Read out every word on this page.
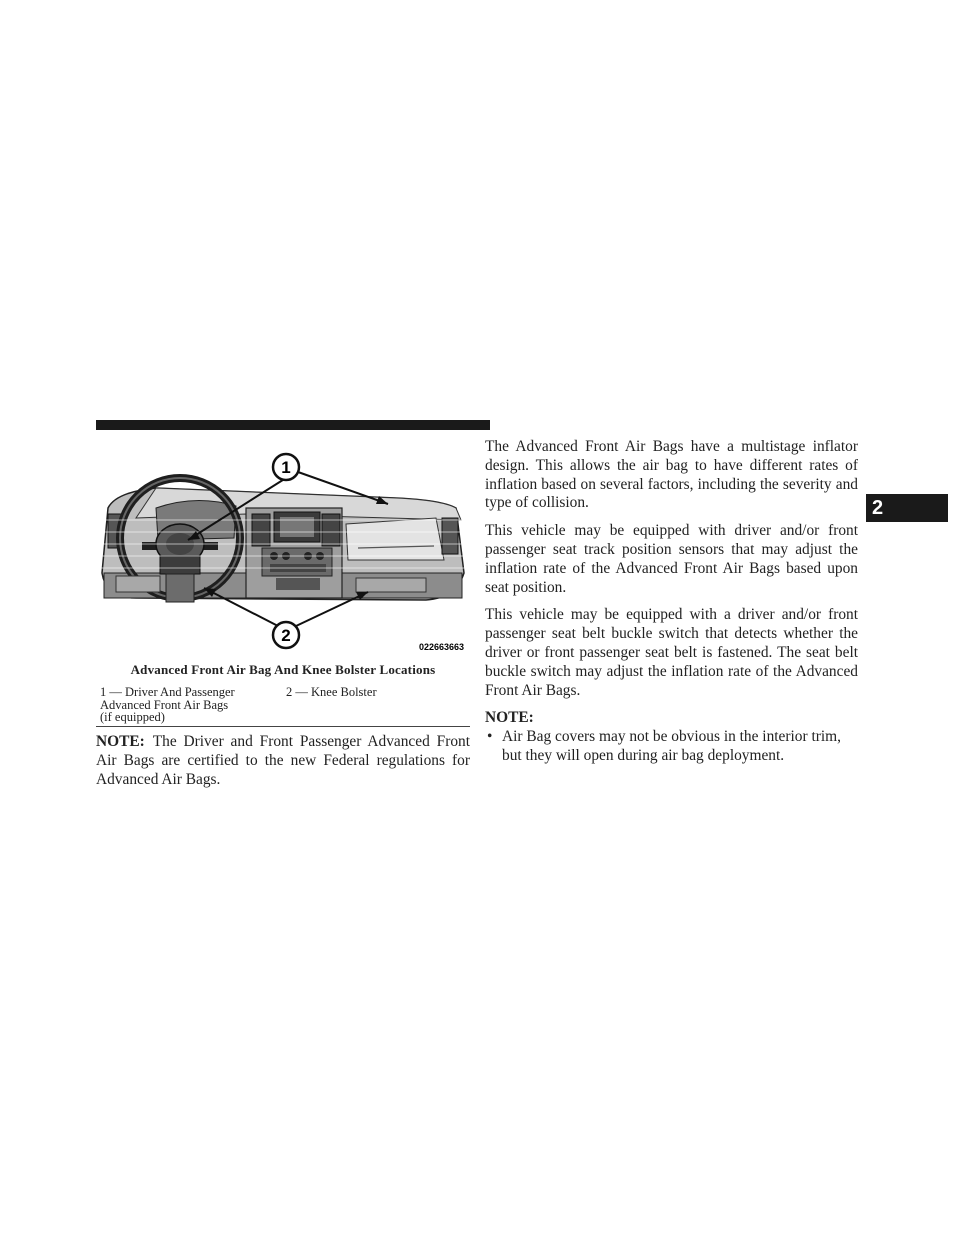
1
2
022663663
Advanced Front Air Bag And Knee Bolster Locations
1 — Driver And Passenger
Advanced Front Air Bags
(if equipped)
2 — Knee Bolster
NOTE: The Driver and Front Passenger Advanced Front Air Bags are certified to the new Federal regulations for Advanced Air Bags.

The Advanced Front Air Bags have a multistage inflator design. This allows the air bag to have different rates of inflation based on several factors, including the severity and type of collision.

This vehicle may be equipped with driver and/or front passenger seat track position sensors that may adjust the inflation rate of the Advanced Front Air Bags based upon seat position.

This vehicle may be equipped with a driver and/or front passenger seat belt buckle switch that detects whether the driver or front passenger seat belt is fastened. The seat belt buckle switch may adjust the inflation rate of the Advanced Front Air Bags.

NOTE:
• Air Bag covers may not be obvious in the interior trim, but they will open during air bag deployment.
2
